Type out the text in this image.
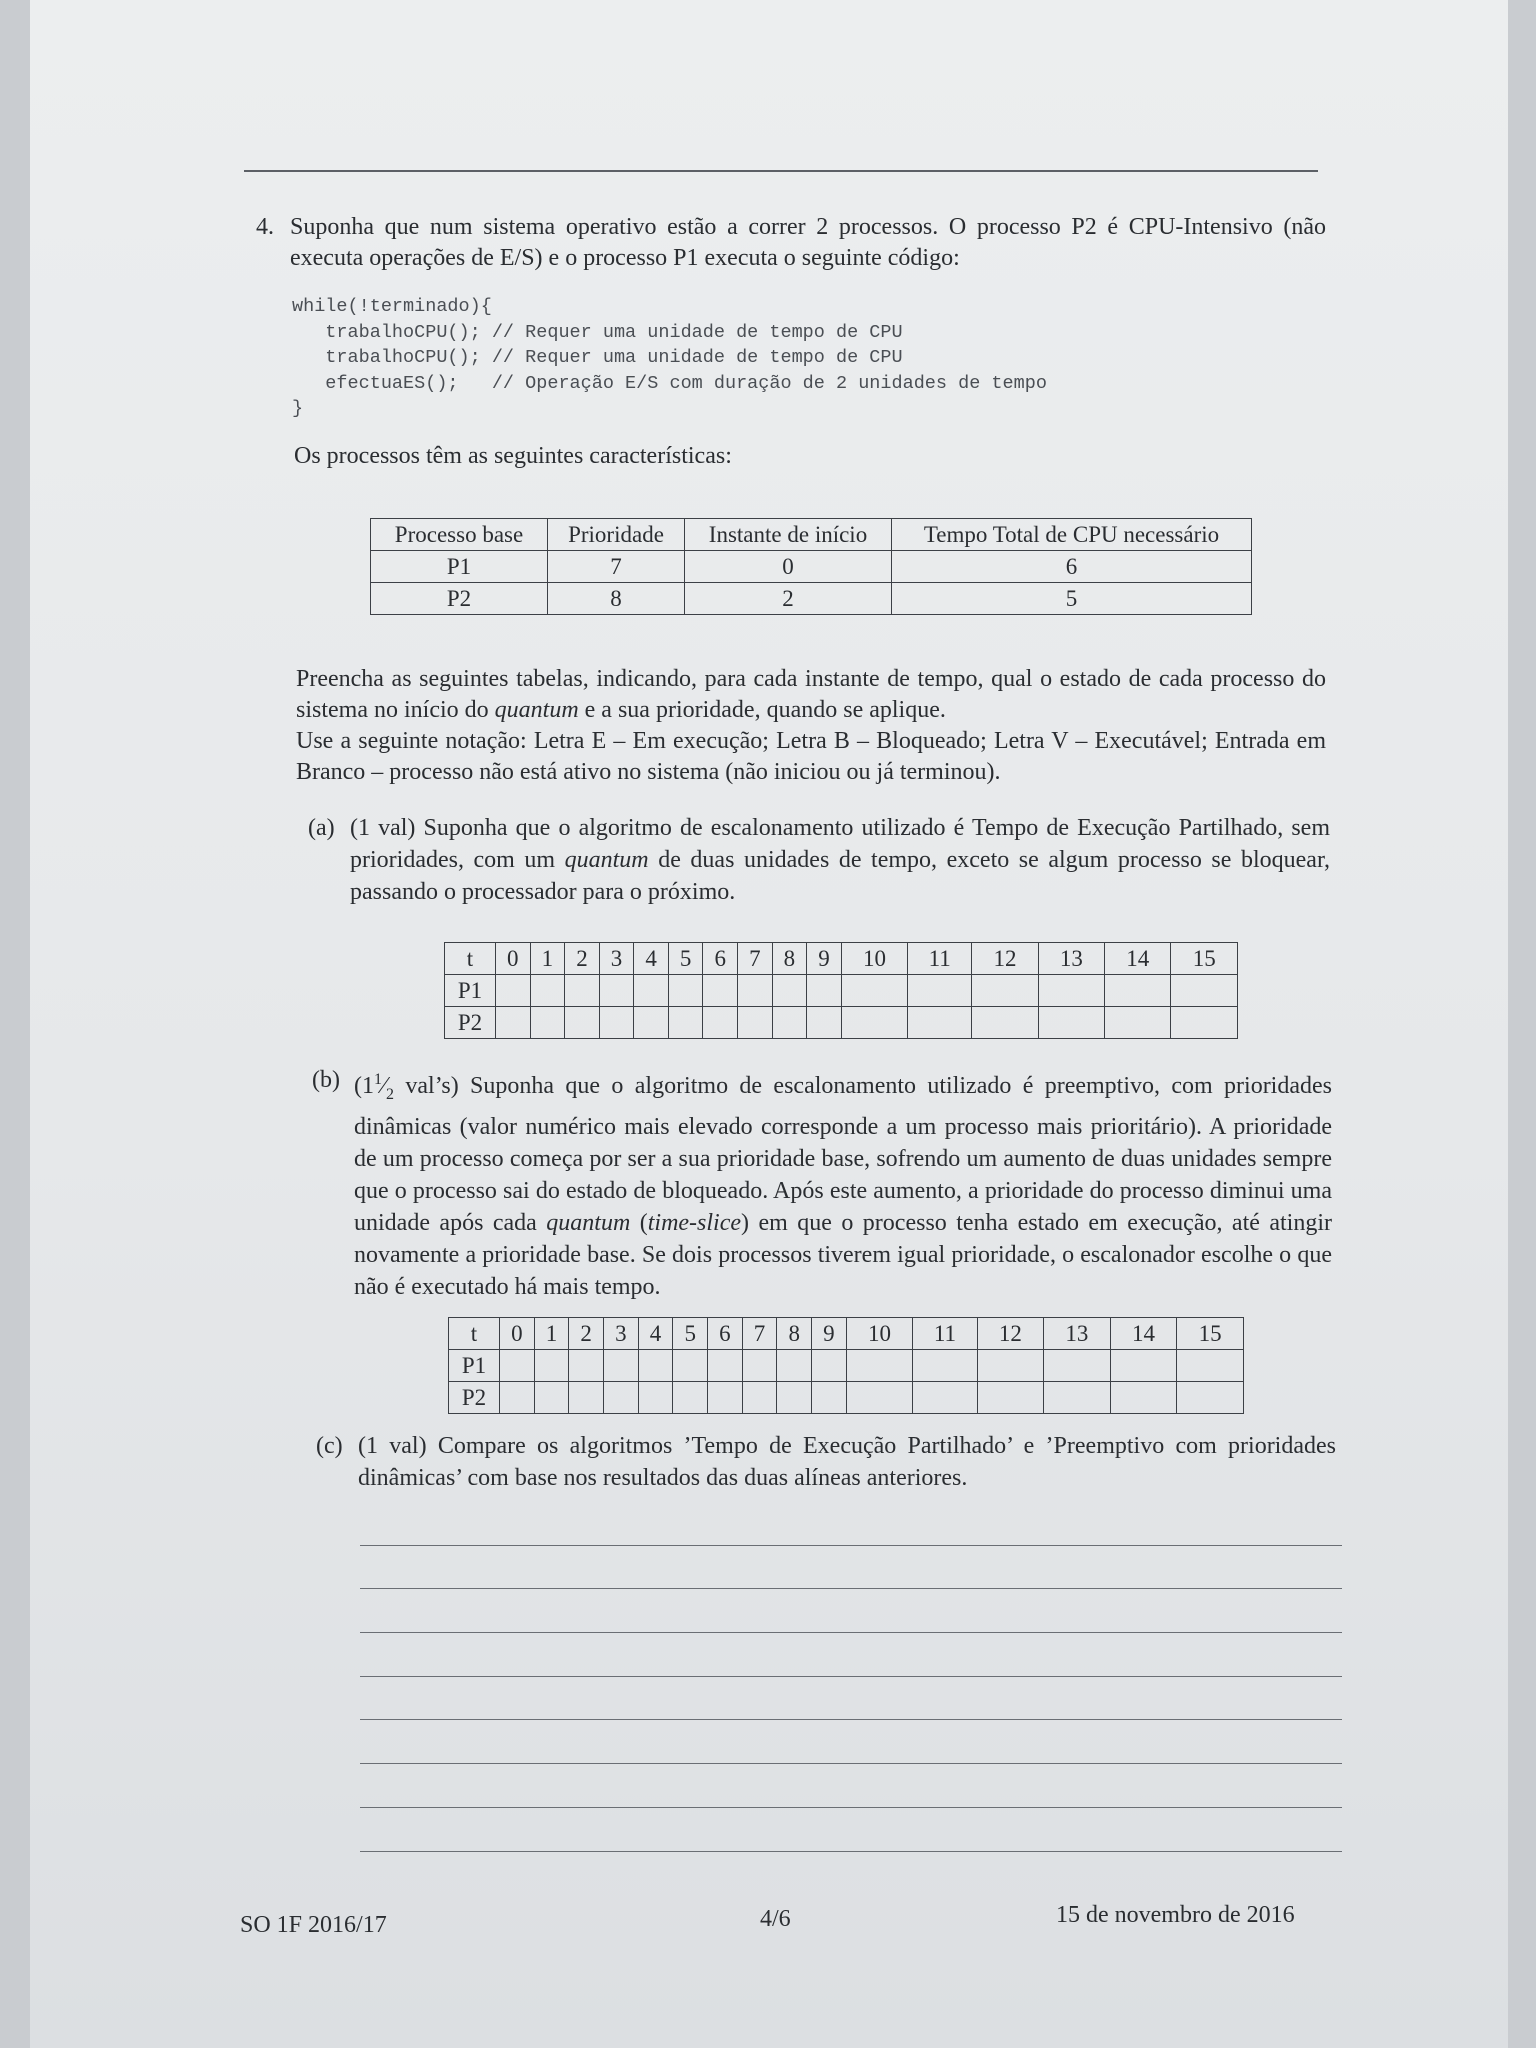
4. Suponha que num sistema operativo estão a correr 2 processos. O processo P2 é CPU-Intensivo (não executa operações de E/S) e o processo P1 executa o seguinte código:
while(!terminado){
trabalhoCPU(); // Requer uma unidade de tempo de CPU
trabalhoCPU(); // Requer uma unidade de tempo de CPU
efectuaES();   // Operação E/S com duração de 2 unidades de tempo
}
Os processos têm as seguintes características:
Processo base	Prioridade	Instante de início	Tempo Total de CPU necessário
P1	7	0	6
P2	8	2	5
Preencha as seguintes tabelas, indicando, para cada instante de tempo, qual o estado de cada processo do sistema no início do quantum e a sua prioridade, quando se aplique.
Use a seguinte notação: Letra E – Em execução; Letra B – Bloqueado; Letra V – Executável; Entrada em Branco – processo não está ativo no sistema (não iniciou ou já terminou).
(a) (1 val) Suponha que o algoritmo de escalonamento utilizado é Tempo de Execução Partilhado, sem prioridades, com um quantum de duas unidades de tempo, exceto se algum processo se bloquear, passando o processador para o próximo.
t	0	1	2	3	4	5	6	7	8	9	10	11	12	13	14	15
P1																
P2																
(b) ($1^1⁄_2$ val’s) Suponha que o algoritmo de escalonamento utilizado é preemptivo, com prioridades dinâmicas (valor numérico mais elevado corresponde a um processo mais prioritário). A prioridade de um processo começa por ser a sua prioridade base, sofrendo um aumento de duas unidades sempre que o processo sai do estado de bloqueado. Após este aumento, a prioridade do processo diminui uma unidade após cada quantum (time-slice) em que o processo tenha estado em execução, até atingir novamente a prioridade base. Se dois processos tiverem igual prioridade, o escalonador escolhe o que não é executado há mais tempo.
t	0	1	2	3	4	5	6	7	8	9	10	11	12	13	14	15
P1																
P2																
(c) (1 val) Compare os algoritmos ’Tempo de Execução Partilhado’ e ’Preemptivo com prioridades dinâmicas’ com base nos resultados das duas alíneas anteriores.
SO 1F 2016/17	4/6	15 de novembro de 2016
